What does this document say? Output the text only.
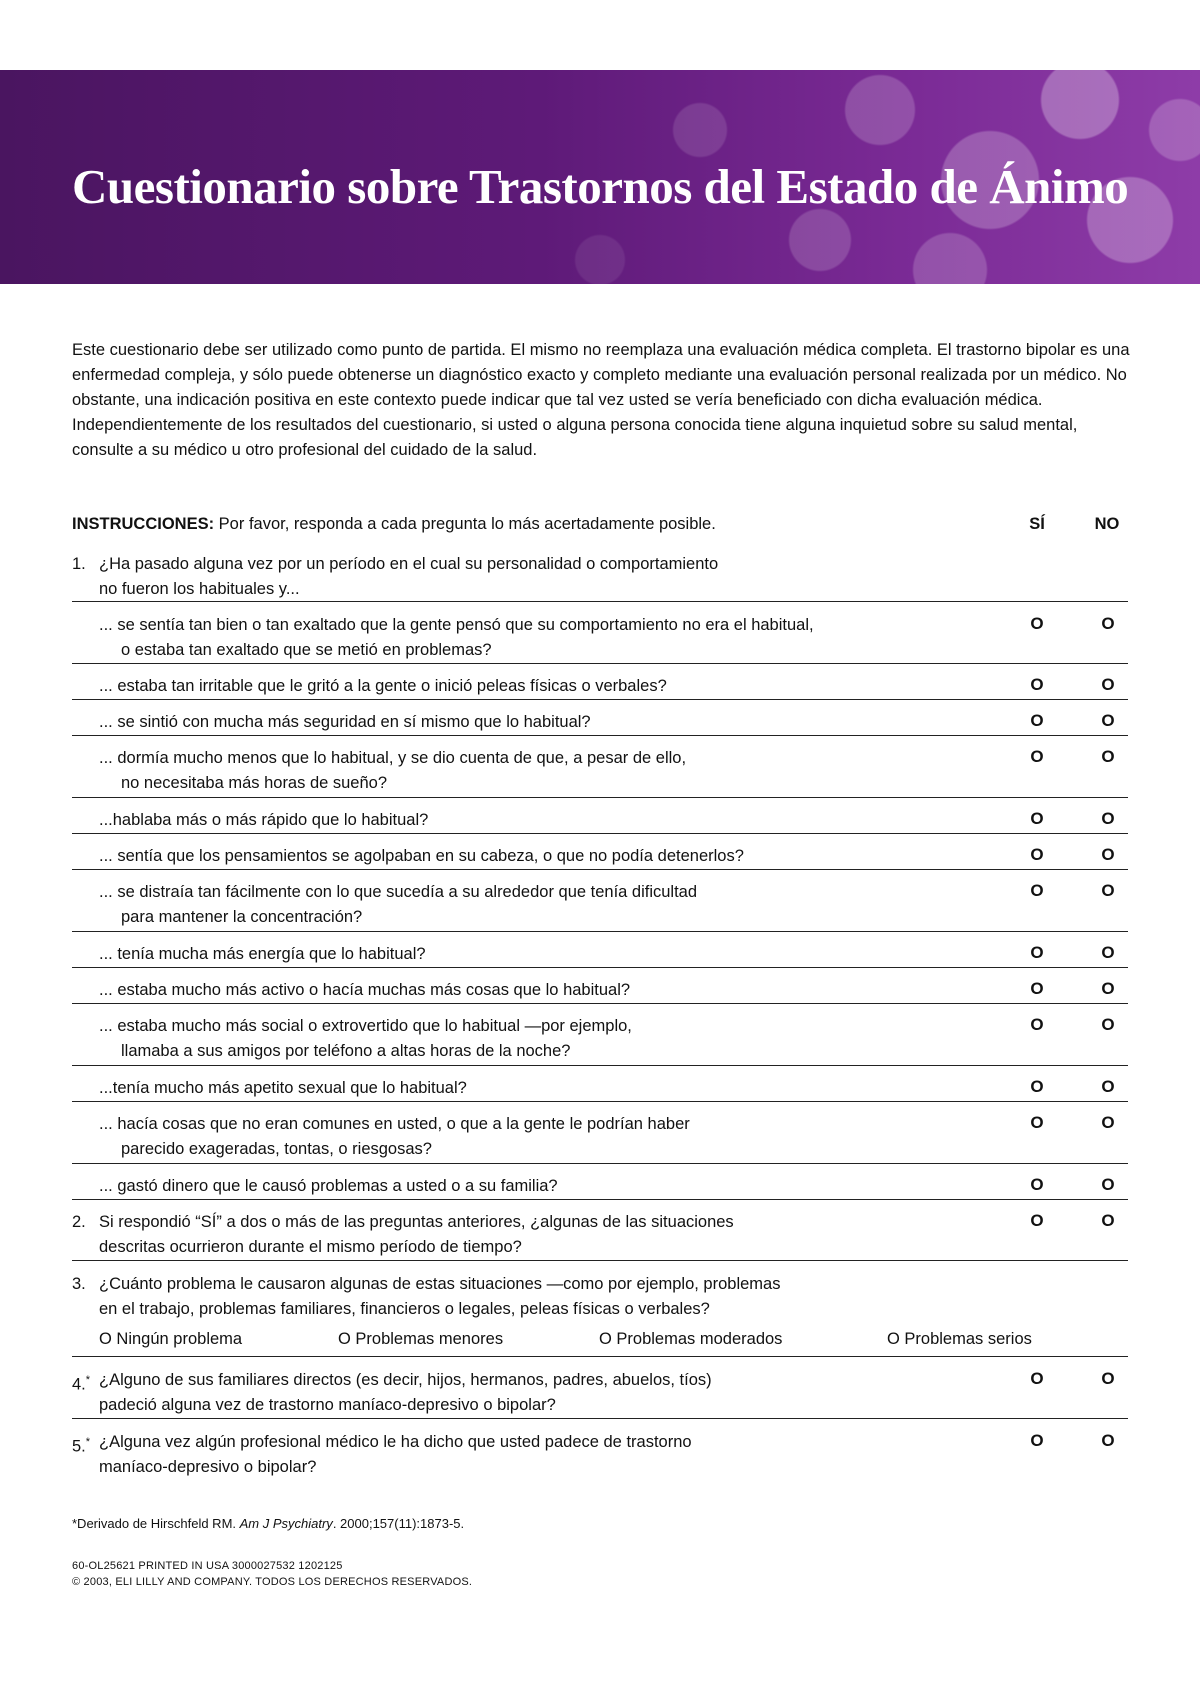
Cuestionario sobre Trastornos del Estado de Ánimo

Este cuestionario debe ser utilizado como punto de partida. El mismo no reemplaza una evaluación médica completa. El trastorno bipolar es una enfermedad compleja, y sólo puede obtenerse un diagnóstico exacto y completo mediante una evaluación personal realizada por un médico. No obstante, una indicación positiva en este contexto puede indicar que tal vez usted se vería beneficiado con dicha evaluación médica. Independientemente de los resultados del cuestionario, si usted o alguna persona conocida tiene alguna inquietud sobre su salud mental, consulte a su médico u otro profesional del cuidado de la salud.

INSTRUCCIONES: Por favor, responda a cada pregunta lo más acertadamente posible.	SÍ	NO
1. ¿Ha pasado alguna vez por un período en el cual su personalidad o comportamiento
no fueron los habituales y...
... se sentía tan bien o tan exaltado que la gente pensó que su comportamiento no era el habitual,
o estaba tan exaltado que se metió en problemas?
O	O
... estaba tan irritable que le gritó a la gente o inició peleas físicas o verbales?	O	O
... se sintió con mucha más seguridad en sí mismo que lo habitual?	O	O
... dormía mucho menos que lo habitual, y se dio cuenta de que, a pesar de ello,
no necesitaba más horas de sueño?
O	O
...hablaba más o más rápido que lo habitual?	O	O
... sentía que los pensamientos se agolpaban en su cabeza, o que no podía detenerlos?	O	O
... se distraía tan fácilmente con lo que sucedía a su alrededor que tenía dificultad
para mantener la concentración?
O	O
... tenía mucha más energía que lo habitual?	O	O
... estaba mucho más activo o hacía muchas más cosas que lo habitual?	O	O
... estaba mucho más social o extrovertido que lo habitual —por ejemplo,
llamaba a sus amigos por teléfono a altas horas de la noche?
O	O
...tenía mucho más apetito sexual que lo habitual?	O	O
... hacía cosas que no eran comunes en usted, o que a la gente le podrían haber
parecido exageradas, tontas, o riesgosas?
O	O
... gastó dinero que le causó problemas a usted o a su familia?	O	O
2. Si respondió “SÍ” a dos o más de las preguntas anteriores, ¿algunas de las situaciones
descritas ocurrieron durante el mismo período de tiempo?
O	O
3. ¿Cuánto problema le causaron algunas de estas situaciones —como por ejemplo, problemas
en el trabajo, problemas familiares, financieros o legales, peleas físicas o verbales?
O Ningún problema	O Problemas menores	O Problemas moderados	O Problemas serios
4.* ¿Alguno de sus familiares directos (es decir, hijos, hermanos, padres, abuelos, tíos)
padeció alguna vez de trastorno maníaco-depresivo o bipolar?
O	O
5.* ¿Alguna vez algún profesional médico le ha dicho que usted padece de trastorno
maníaco-depresivo o bipolar?
O	O
*Derivado de Hirschfeld RM. Am J Psychiatry. 2000;157(11):1873-5.
60-OL25621 PRINTED IN USA 3000027532 1202125
© 2003, ELI LILLY AND COMPANY. TODOS LOS DERECHOS RESERVADOS.
